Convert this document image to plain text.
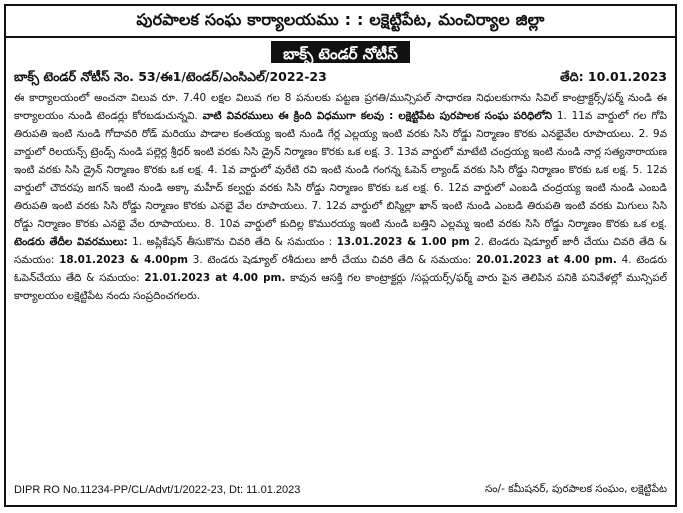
పురపాలక సంఘ కార్యాలయము : : లక్షెట్టిపేట, మంచిర్యాల జిల్లా
బాక్స్ టెండర్ నోటీస్
బాక్స్ టెండర్ నోటీస్ నెం. 53/ఈ1/టెండర్/ఎంసిఎల్/2022-23	తేది: 10.01.2023
ఈ కార్యాలయంలో అంచనా విలువ రూ. 7.40 లక్షల విలువ గల 8 పనులకు పట్టణ ప్రగతి/మున్సిపల్ సాధారణ నిధులకుగాను సివిల్ కాంట్రాక్టర్స్/ఫర్మ్ నుండి ఈ కార్యాలయం నుండి టెండర్లు కోరబడుచున్నవి. వాటి వివరములు ఈ క్రింది విధముగా కలవు : లక్షెట్టిపేట పురపాలక సంఘ పరిధిలోని 1. 11వ వార్డులో గల గోపి తిరుపతి ఇంటి నుండి గోదావరి రోడ్ మరియు పాడాల కంతయ్య ఇంటి నుండి గేర్ల ఎల్లయ్య ఇంటి వరకు సిసి రోడ్డు నిర్మాణం కొరకు ఎనభైవేల రూపాయలు. 2. 9వ వార్డులో రిలయన్స్ ట్రెండ్స్ నుండి పల్లెర్ల శ్రీధర్ ఇంటి వరకు సిసి డ్రైన్ నిర్మాణం కొరకు ఒక లక్ష. 3. 13వ వార్డులో మాటేటి చంద్రయ్య ఇంటి నుండి నార్ల సత్యనారాయణ ఇంటి వరకు సిసి డ్రైన్ నిర్మాణం కొరకు ఒక లక్ష. 4. 1వ వార్డులో వురేటి రవి ఇంటి నుండి గంగన్న ఓపెన్ ల్యాండ్ వరకు సిసి రోడ్డు నిర్మాణం కొరకు ఒక లక్ష. 5. 12వ వార్డులో చౌదరపు జగన్ ఇంటి నుండి అక్కా మహీద్ కల్వర్టు వరకు సిసి రోడ్డు నిర్మాణం కొరకు ఒక లక్ష. 6. 12వ వార్డులో ఎంబడి చంద్రయ్య ఇంటి నుండి ఎంబడి తిరుపతి ఇంటి వరకు సిసి రోడ్డు నిర్మాణం కొరకు ఎనభై వేల రూపాయలు. 7. 12వ వార్డులో బిస్మిల్లా ఖాన్ ఇంటి నుండి ఎంబడి తిరుపతి ఇంటి వరకు మిగులు సిసి రోడ్డు నిర్మాణం కొరకు ఎనభై వేల రూపాయలు. 8. 10వ వార్డులో కుదిల్ల కొమురయ్య ఇంటి నుండి బత్తిని ఎల్లమ్మ ఇంటి వరకు సిసి రోడ్డు నిర్మాణం కొరకు ఒక లక్ష. టెండరు తేదీల వివరములు: 1. అప్లికేషన్ తీసుకొను చివరి తేది & సమయం : 13.01.2023 & 1.00 pm 2. టెండరు షెడ్యూల్ జారీ చేయు చివరి తేది & సమయం: 18.01.2023 & 4.00pm 3. టెండరు షెడ్యూల్ రశీదులు జారీ చేయు చివరి తేది & సమయం: 20.01.2023 at 4.00 pm. 4. టెండరు ఓపెన్‌చేయు తేది & సమయం: 21.01.2023 at 4.00 pm. కావున ఆసక్తి గల కాంట్రాక్టర్లు /సప్లయర్స్/ఫర్మ్ వారు పైన తెలిపిన పనికి పనివేళల్లో మున్సిపల్ కార్యాలయం లక్షెట్టిపేట నందు సంప్రదించగలరు.
DIPR RO No.11234-PP/CL/Advt/1/2022-23, Dt: 11.01.2023	సం/- కమీషనర్, పురపాలక సంఘం, లక్షెట్టిపేట
